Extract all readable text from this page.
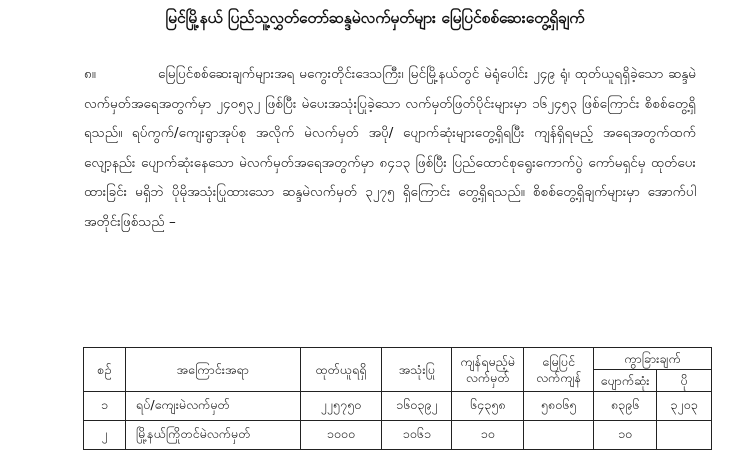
မြင်မြို့နယ် ပြည်သူ့လွှတ်တော်ဆန္ဒမဲလက်မှတ်များ မြေပြင်စစ်ဆေးတွေ့ရှိချက်
၈။	မြေပြင်စစ်ဆေးချက်များအရ မကွေးတိုင်းဒေသကြီး၊ မြင်မြို့နယ်တွင် မဲရုံပေါင်း ၂၄၉ ရုံ၊ ထုတ်ယူရရှိခဲ့သော ဆန္ဒမဲလက်မှတ်အရေအတွက်မှာ ၂၄၀၅၃၂ ဖြစ်ပြီး မဲပေးအသုံးပြုခဲ့သော လက်မှတ်ဖြတ်ပိုင်းများမှာ ၁၆၂၄၅၃ ဖြစ်ကြောင်း စိစစ်တွေ့ရှိရသည်။ ရပ်ကွက်/ကျေးရွာအုပ်စု အလိုက် မဲလက်မှတ် အပို/ ပျောက်ဆုံးများတွေ့ရှိရပြီး ကျန်ရှိရမည့် အရေအတွက်ထက် လျော့နည်း ပျောက်ဆုံးနေသော မဲလက်မှတ်အရေအတွက်မှာ ၈၄၁၃ ဖြစ်ပြီး ပြည်ထောင်စုရွေးကောက်ပွဲ ကော်မရှင်မှ ထုတ်ပေးထားခြင်း မရှိဘဲ ပိုမိုအသုံးပြုထားသော ဆန္ဒမဲလက်မှတ် ၃၂၇၅ ရှိကြောင်း တွေ့ရှိရသည်။ စိစစ်တွေ့ရှိချက်များမှာ အောက်ပါအတိုင်းဖြစ်သည် –
စဉ်	အကြောင်းအရာ	ထုတ်ယူရရှိ	အသုံးပြု	ကျန်ရမည့်မဲလက်မှတ်	မြေပြင်လက်ကျန်	ကွာခြားချက်	
						ပျောက်ဆုံး	ပို
၁	ရပ်/ကျေးမဲလက်မှတ်	၂၂၅၇၅၀	၁၆၀၃၉၂	၆၄၃၅၈	၅၈၀၆၅	၈၃၉၆	၃၂၀၃
၂	မြို့နယ်ကြိုတင်မဲလက်မှတ်	၁၀၀၀	၁၀၆၁	၁၀		၁၀	
